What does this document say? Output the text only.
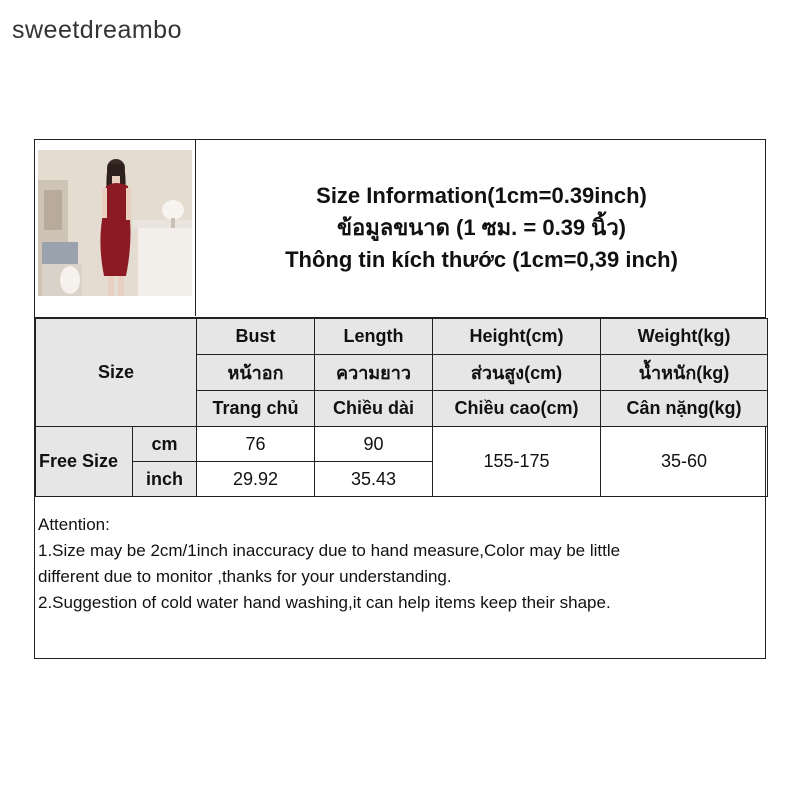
sweetdreambo
Size Information(1cm=0.39inch)
ข้อมูลขนาด (1 ซม. = 0.39 นิ้ว)
Thông tin kích thước (1cm=0,39 inch)
Size		Bust	Length	Height(cm)	Weight(kg)
		หน้าอก	ความยาว	ส่วนสูง(cm)	น้ำหนัก(kg)
		Trang chủ	Chiều dài	Chiều cao(cm)	Cân nặng(kg)
Free Size	cm	76	90	155-175	35-60
	inch	29.92	35.43		
Attention:
1.Size may be 2cm/1inch inaccuracy due to hand measure,Color may be little
different due to monitor ,thanks for your understanding.
2.Suggestion of cold water hand washing,it can help items keep their shape.
